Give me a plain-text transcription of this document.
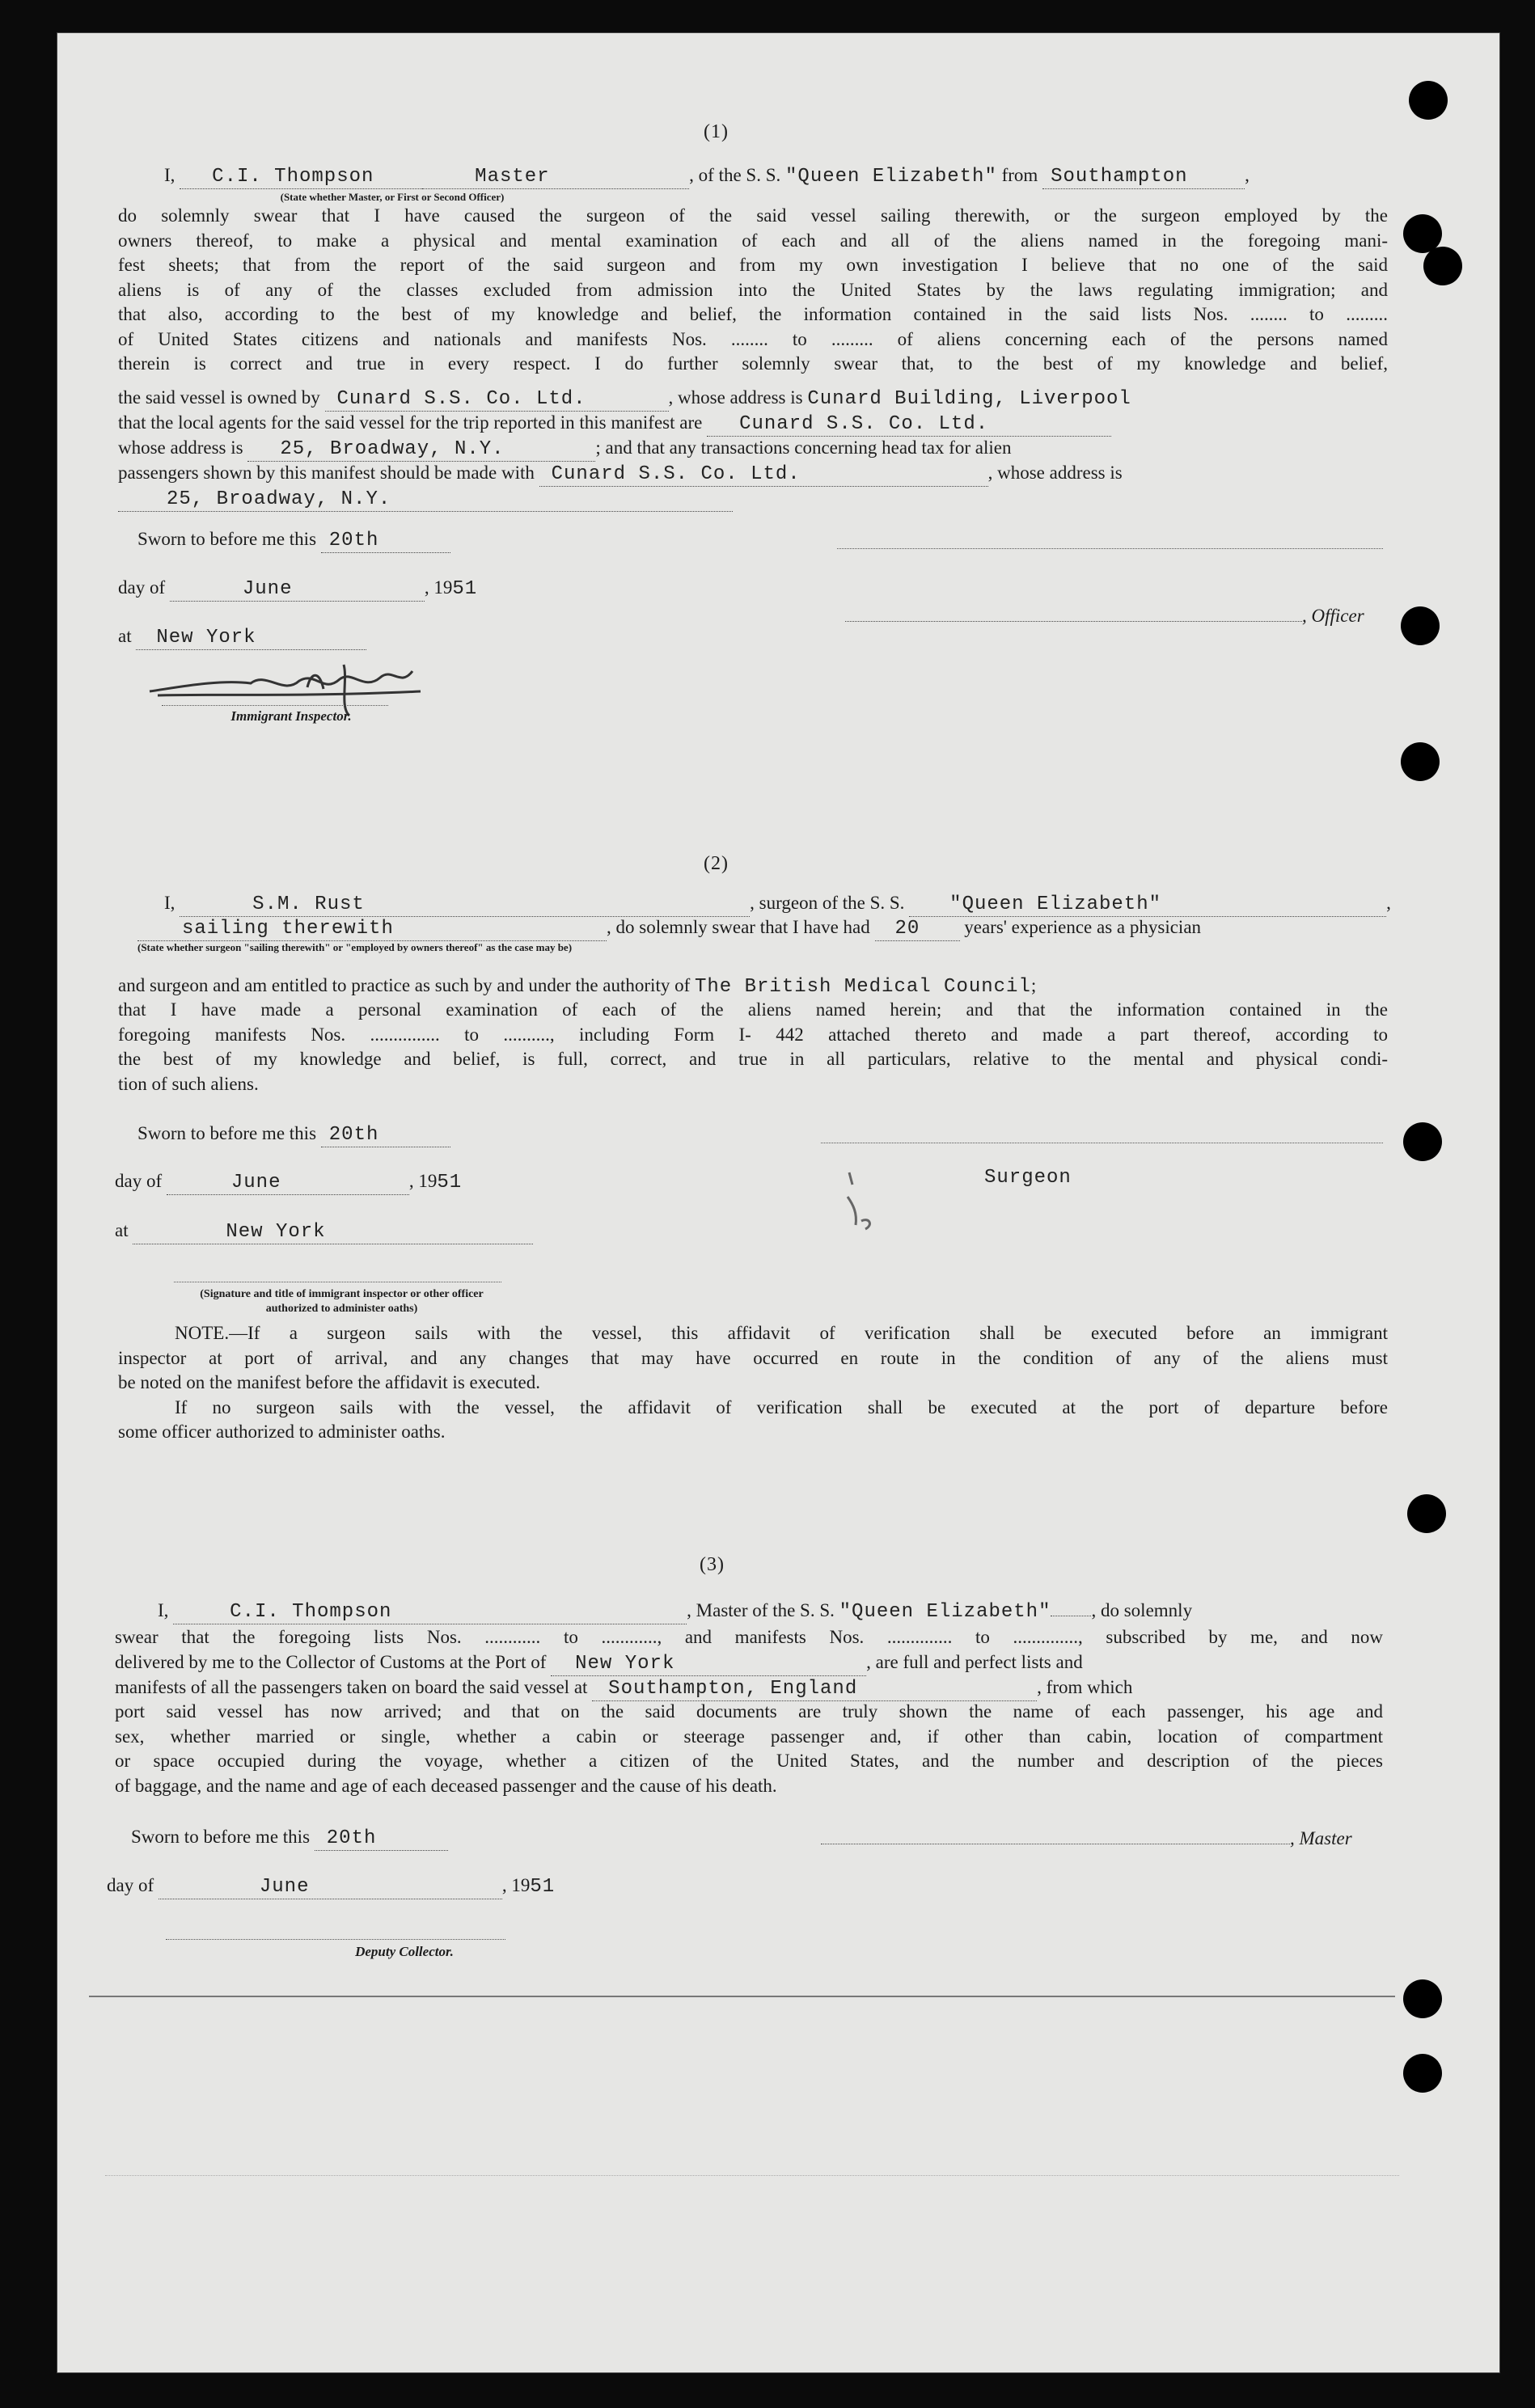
(1)
I, C.I. Thompson	Master	, of the S. S. "Queen Elizabeth" from Southampton	,
(State whether Master, or First or Second Officer)
do solemnly swear that I have caused the surgeon of the said vessel sailing therewith, or the surgeon employed by the
owners thereof, to make a physical and mental examination of each and all of the aliens named in the foregoing mani-
fest sheets; that from the report of the said surgeon and from my own investigation I believe that no one of the said
aliens is of any of the classes excluded from admission into the United States by the laws regulating immigration; and
that also, according to the best of my knowledge and belief, the information contained in the said lists Nos. ........ to .........
of United States citizens and nationals and manifests Nos. ........ to ......... of aliens concerning each of the persons named
therein is correct and true in every respect. I do further solemnly swear that, to the best of my knowledge and belief,
the said vessel is owned by Cunard S.S. Co. Ltd.	, whose address is Cunard Building, Liverpool
that the local agents for the said vessel for the trip reported in this manifest are Cunard S.S. Co. Ltd.
whose address is 25, Broadway, N.Y.	; and that any transactions concerning head tax for alien
passengers shown by this manifest should be made with Cunard S.S. Co. Ltd.	, whose address is
25, Broadway, N.Y.
Sworn to before me this 20th
day of	June	, 1951
, Officer
at New York
Immigrant Inspector.
(2)
I,	S.M. Rust	, surgeon of the S. S. "Queen Elizabeth"	,
sailing therewith	, do solemnly swear that I have had 20 years' experience as a physician
(State whether surgeon "sailing therewith" or "employed by owners thereof" as the case may be)
and surgeon and am entitled to practice as such by and under the authority of The British Medical Council;
that I have made a personal examination of each of the aliens named herein; and that the information contained in the
foregoing manifests Nos. ............... to .........., including Form I- 442 attached thereto and made a part thereof, according to
the best of my knowledge and belief, is full, correct, and true in all particulars, relative to the mental and physical condi-
tion of such aliens.
Sworn to before me this 20th
day of	June	, 1951	Surgeon
at	New York
(Signature and title of immigrant inspector or other officer authorized to administer oaths)
NOTE.—If a surgeon sails with the vessel, this affidavit of verification shall be executed before an immigrant
inspector at port of arrival, and any changes that may have occurred en route in the condition of any of the aliens must
be noted on the manifest before the affidavit is executed.
If no surgeon sails with the vessel, the affidavit of verification shall be executed at the port of departure before
some officer authorized to administer oaths.
(3)
I,	C.I. Thompson	, Master of the S. S. "Queen Elizabeth" , do solemnly
swear that the foregoing lists Nos. ............ to ............, and manifests Nos. .............. to .............., subscribed by me, and now
delivered by me to the Collector of Customs at the Port of New York	, are full and perfect lists and
manifests of all the passengers taken on board the said vessel at Southampton, England	, from which
port said vessel has now arrived; and that on the said documents are truly shown the name of each passenger, his age and
sex, whether married or single, whether a cabin or steerage passenger and, if other than cabin, location of compartment
or space occupied during the voyage, whether a citizen of the United States, and the number and description of the pieces
of baggage, and the name and age of each deceased passenger and the cause of his death.
Sworn to before me this 20th	, Master
day of	June	, 1951
Deputy Collector.
